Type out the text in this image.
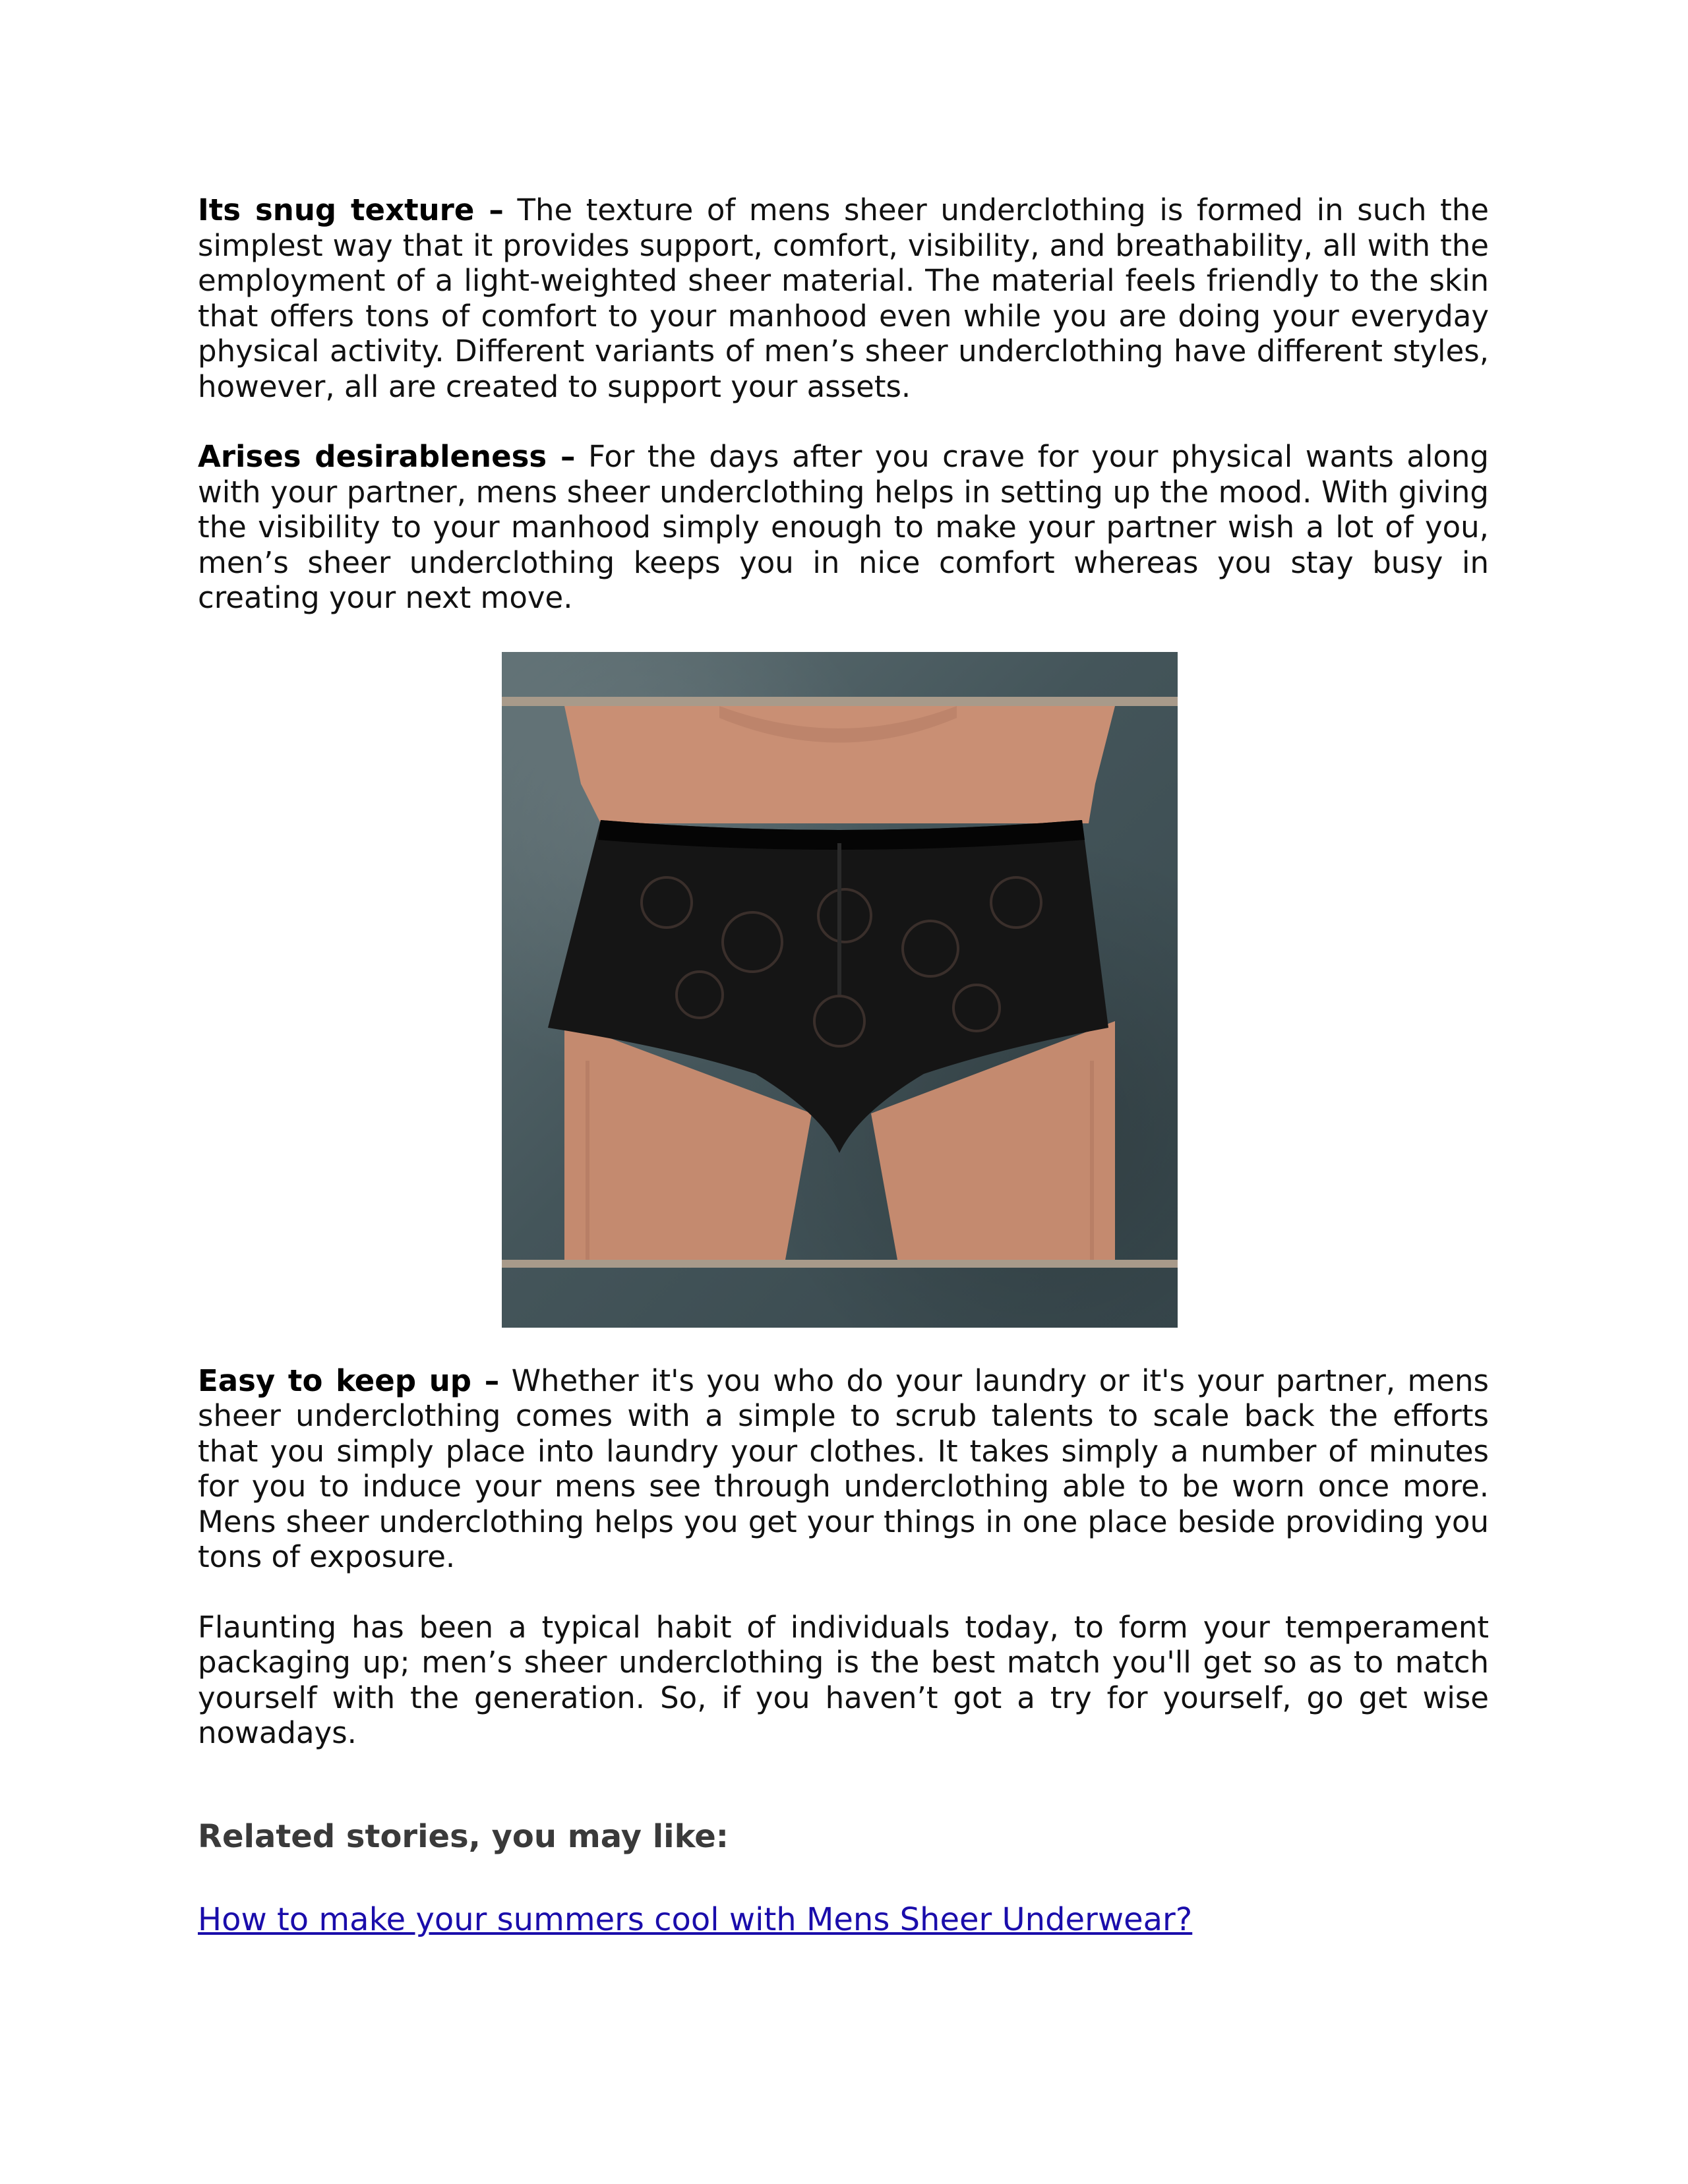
Its snug texture – The texture of mens sheer underclothing is formed in such the simplest way that it provides support, comfort, visibility, and breathability, all with the employment of a light-weighted sheer material. The material feels friendly to the skin that offers tons of comfort to your manhood even while you are doing your everyday physical activity. Different variants of men’s sheer underclothing have different styles, however, all are created to support your assets.

Arises desirableness – For the days after you crave for your physical wants along with your partner, mens sheer underclothing helps in setting up the mood. With giving the visibility to your manhood simply enough to make your partner wish a lot of you, men’s sheer underclothing keeps you in nice comfort whereas you stay busy in creating your next move.

Easy to keep up – Whether it's you who do your laundry or it's your partner, mens sheer underclothing comes with a simple to scrub talents to scale back the efforts that you simply place into laundry your clothes. It takes simply a number of minutes for you to induce your mens see through underclothing able to be worn once more. Mens sheer underclothing helps you get your things in one place beside providing you tons of exposure.

Flaunting has been a typical habit of individuals today, to form your temperament packaging up; men’s sheer underclothing is the best match you'll get so as to match yourself with the generation. So, if you haven’t got a try for yourself, go get wise nowadays.

Related stories, you may like:
How to make your summers cool with Mens Sheer Underwear?
